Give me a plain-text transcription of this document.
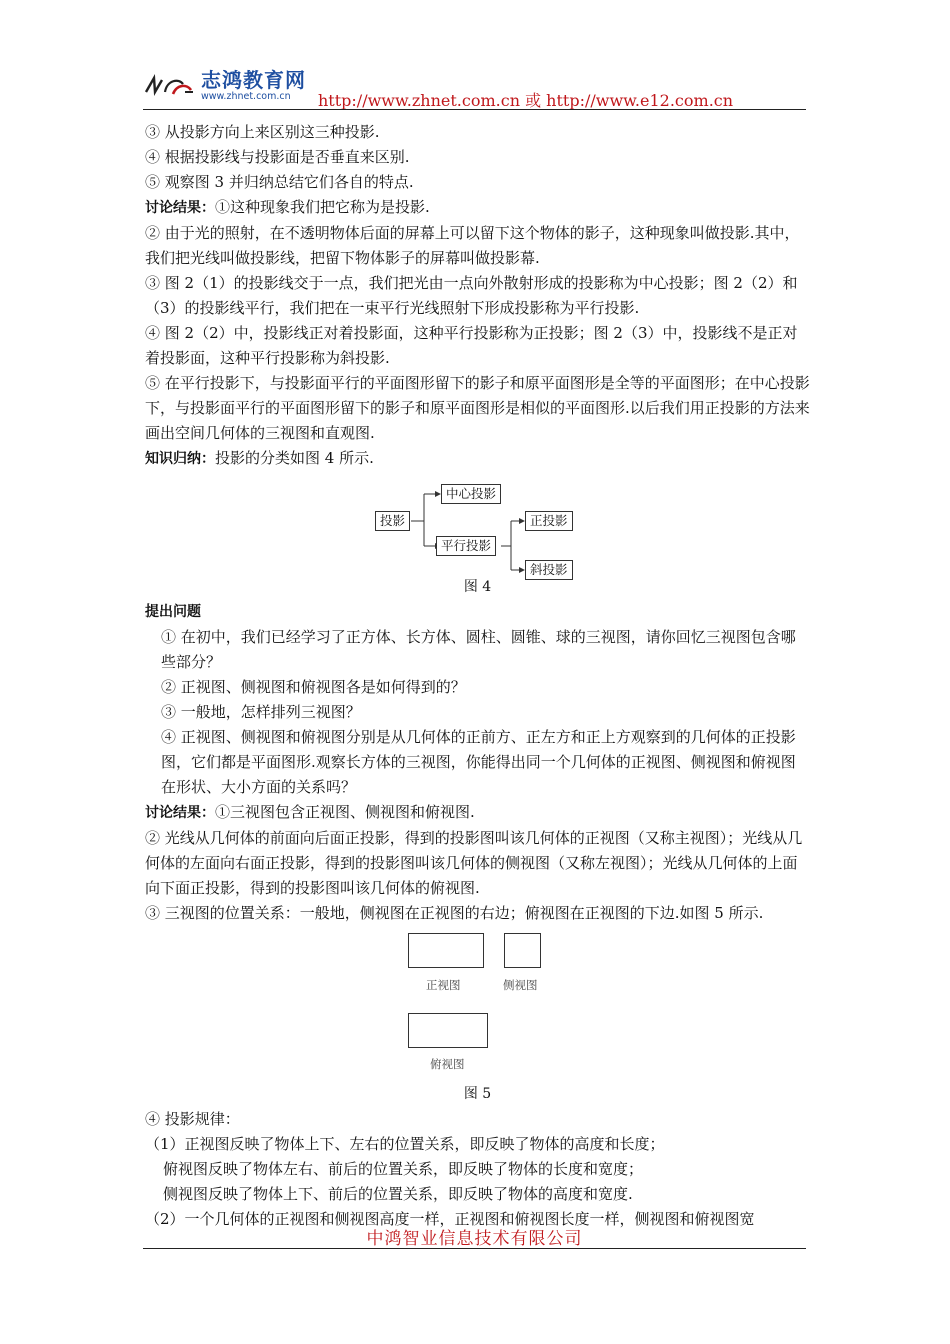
志鸿教育网
www.zhnet.com.cn http://www.zhnet.com.cn 或 http://www.e12.com.cn

③ 从投影方向上来区别这三种投影.

④ 根据投影线与投影面是否垂直来区别.

⑤ 观察图 3 并归纳总结它们各自的特点.

讨论结果：①这种现象我们把它称为是投影.

② 由于光的照射，在不透明物体后面的屏幕上可以留下这个物体的影子，这种现象叫做投影.其中，我们把光线叫做投影线，把留下物体影子的屏幕叫做投影幕.

③ 图 2（1）的投影线交于一点，我们把光由一点向外散射形成的投影称为中心投影；图 2（2）和（3）的投影线平行，我们把在一束平行光线照射下形成投影称为平行投影.

④ 图 2（2）中，投影线正对着投影面，这种平行投影称为正投影；图 2（3）中，投影线不是正对着投影面，这种平行投影称为斜投影.

⑤ 在平行投影下，与投影面平行的平面图形留下的影子和原平面图形是全等的平面图形；在中心投影下，与投影面平行的平面图形留下的影子和原平面图形是相似的平面图形.以后我们用正投影的方法来画出空间几何体的三视图和直观图.

知识归纳：投影的分类如图 4 所示.

投影
中心投影
平行投影
正投影
斜投影

图 4

提出问题

① 在初中，我们已经学习了正方体、长方体、圆柱、圆锥、球的三视图，请你回忆三视图包含哪些部分？

② 正视图、侧视图和俯视图各是如何得到的？

③ 一般地，怎样排列三视图？

④ 正视图、侧视图和俯视图分别是从几何体的正前方、正左方和正上方观察到的几何体的正投影图，它们都是平面图形.观察长方体的三视图，你能得出同一个几何体的正视图、侧视图和俯视图在形状、大小方面的关系吗？

讨论结果：①三视图包含正视图、侧视图和俯视图.

② 光线从几何体的前面向后面正投影，得到的投影图叫该几何体的正视图（又称主视图）；光线从几何体的左面向右面正投影，得到的投影图叫该几何体的侧视图（又称左视图）；光线从几何体的上面向下面正投影，得到的投影图叫该几何体的俯视图.

③ 三视图的位置关系：一般地，侧视图在正视图的右边；俯视图在正视图的下边.如图 5 所示.

正视图	侧视图
俯视图

图 5

④ 投影规律：

（1）正视图反映了物体上下、左右的位置关系，即反映了物体的高度和长度；

俯视图反映了物体左右、前后的位置关系，即反映了物体的长度和宽度；

侧视图反映了物体上下、前后的位置关系，即反映了物体的高度和宽度.

（2）一个几何体的正视图和侧视图高度一样，正视图和俯视图长度一样，侧视图和俯视图宽

中鸿智业信息技术有限公司
